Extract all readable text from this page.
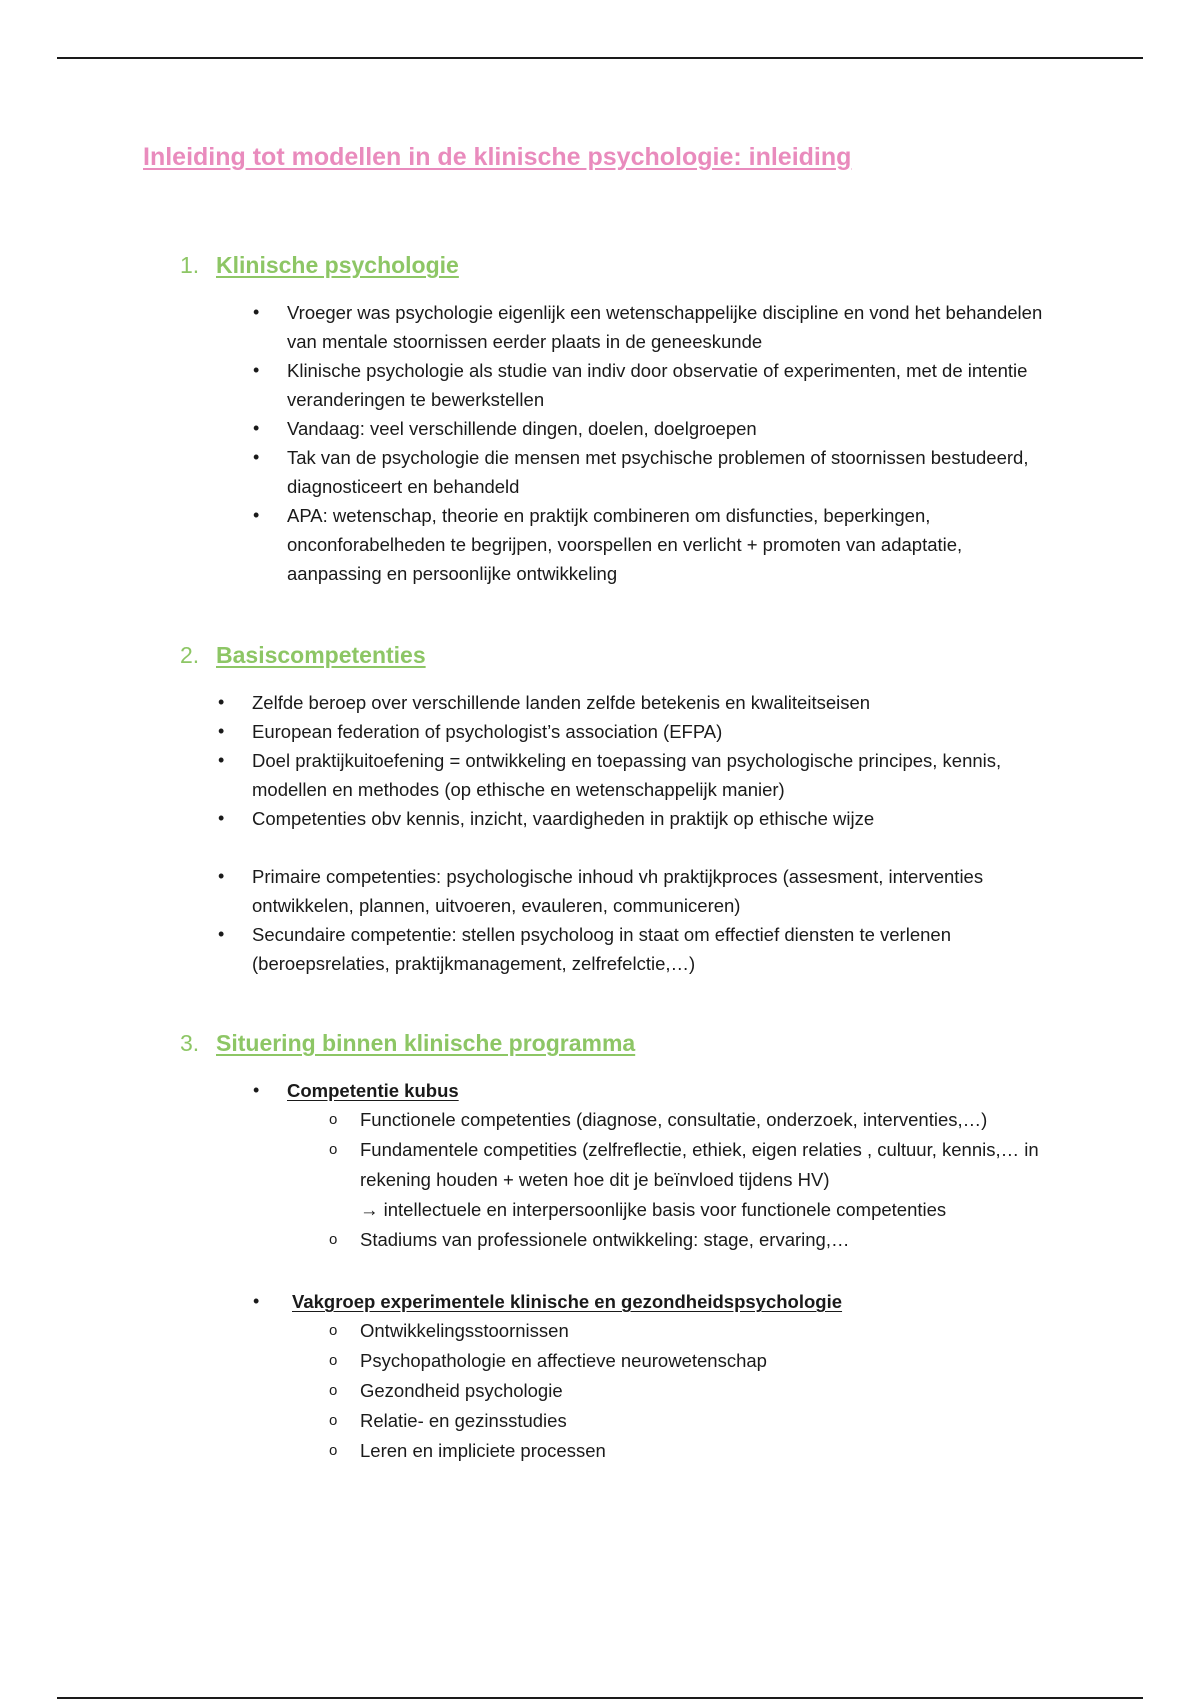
Inleiding tot modellen in de klinische psychologie: inleiding
1. Klinische psychologie
• Vroeger was psychologie eigenlijk een wetenschappelijke discipline en vond het behandelen van mentale stoornissen eerder plaats in de geneeskunde
• Klinische psychologie als studie van indiv door observatie of experimenten, met de intentie veranderingen te bewerkstellen
• Vandaag: veel verschillende dingen, doelen, doelgroepen
• Tak van de psychologie die mensen met psychische problemen of stoornissen bestudeerd, diagnosticeert en behandeld
• APA: wetenschap, theorie en praktijk combineren om disfuncties, beperkingen, onconforabelheden te begrijpen, voorspellen en verlicht + promoten van adaptatie, aanpassing en persoonlijke ontwikkeling
2. Basiscompetenties
• Zelfde beroep over verschillende landen zelfde betekenis en kwaliteitseisen
• European federation of psychologist’s association (EFPA)
• Doel praktijkuitoefening = ontwikkeling en toepassing van psychologische principes, kennis, modellen en methodes (op ethische en wetenschappelijk manier)
• Competenties obv kennis, inzicht, vaardigheden in praktijk op ethische wijze
• Primaire competenties: psychologische inhoud vh praktijkproces (assesment, interventies ontwikkelen, plannen, uitvoeren, evauleren, communiceren)
• Secundaire competentie: stellen psycholoog in staat om effectief diensten te verlenen (beroepsrelaties, praktijkmanagement, zelfrefelctie,…)
3. Situering binnen klinische programma
• Competentie kubus
o Functionele competenties (diagnose, consultatie, onderzoek, interventies,…)
o Fundamentele competities (zelfreflectie, ethiek, eigen relaties , cultuur, kennis,… in rekening houden + weten hoe dit je beïnvloed tijdens HV)
→ intellectuele en interpersoonlijke basis voor functionele competenties
o Stadiums van professionele ontwikkeling: stage, ervaring,…
• Vakgroep experimentele klinische en gezondheidspsychologie
o Ontwikkelingsstoornissen
o Psychopathologie en affectieve neurowetenschap
o Gezondheid psychologie
o Relatie- en gezinsstudies
o Leren en impliciete processen
